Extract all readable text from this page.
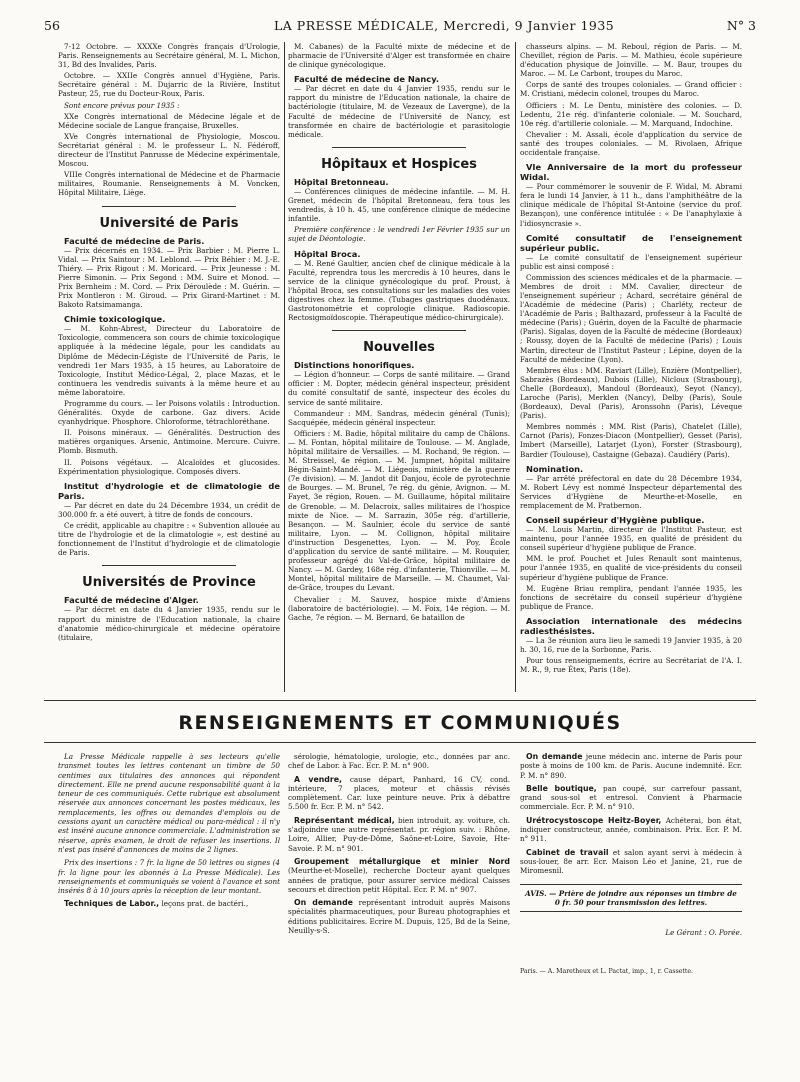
56	LA PRESSE MÉDICALE, Mercredi, 9 Janvier 1935	N° 3

7-12 Octobre. — XXXXe Congrès français d'Urologie, Paris. Renseignements au Secrétaire général, M. L. Michon, 31, Bd des Invalides, Paris.

Octobre. — XXIIe Congrès annuel d'Hygiène, Paris. Secrétaire général : M. Dujarric de la Rivière, Institut Pasteur, 25, rue du Docteur-Roux, Paris.

Sont encore prévus pour 1935 :

XXe Congrès international de Médecine légale et de Médecine sociale de Langue française, Bruxelles.

XVe Congrès international de Physiologie, Moscou. Secrétariat général : M. le professeur L. N. Fédéroff, directeur de l'Institut Panrusse de Médecine expérimentale, Moscou.

VIIIe Congrès international de Médecine et de Pharmacie militaires, Roumanie. Renseignements à M. Voncken, Hôpital Militaire, Liège.

Université de Paris
Faculté de médecine de Paris.

— Prix décernés en 1934. — Prix Barbier : M. Pierre L. Vidal. — Prix Saintour : M. Leblond. — Prix Béhier : M. J.-E. Thiéry. — Prix Rigout : M. Moricard. — Prix Jeunesse : M. Pierre Simonin. — Prix Segond : MM. Suire et Monod. — Prix Bernheim : M. Cord. — Prix Déroulède : M. Guérin. — Prix Montleron : M. Giroud. — Prix Girard-Martinet : M. Bakoto Ratsimamanga.

Chimie toxicologique.

— M. Kohn-Abrest, Directeur du Laboratoire de Toxicologie, commencera son cours de chimie toxicologique appliquée à la médecine légale, pour les candidats au Diplôme de Médecin-Légiste de l'Université de Paris, le vendredi 1er Mars 1935, à 15 heures, au Laboratoire de Toxicologie, Institut Médico-Légal, 2, place Mazas, et le continuera les vendredis suivants à la même heure et au même laboratoire.

Programme du cours. — Ier Poisons volatils : Introduction. Généralités. Oxyde de carbone. Gaz divers. Acide cyanhydrique. Phosphore. Chloroforme, tétrachloréthane.

II. Poisons minéraux. — Généralités. Destruction des matières organiques. Arsenic, Antimoine. Mercure. Cuivre. Plomb. Bismuth.

II. Poisons végétaux. — Alcaloïdes et glucosides. Expérimentation physiologique. Composés divers.

Institut d'hydrologie et de climatologie de Paris.

— Par décret en date du 24 Décembre 1934, un crédit de 300.000 fr. a été ouvert, à titre de fonds de concours.

Ce crédit, applicable au chapitre : « Subvention allouée au titre de l'hydrologie et de la climatologie », est destiné au fonctionnement de l'Institut d'hydrologie et de climatologie de Paris.

Universités de Province
Faculté de médecine d'Alger.

— Par décret en date du 4 Janvier 1935, rendu sur le rapport du ministre de l'Education nationale, la chaire d'anatomie médico-chirurgicale et médecine opératoire (titulaire,

M. Cabanes) de la Faculté mixte de médecine et de pharmacie de l'Université d'Alger est transformée en chaire de clinique gynécologique.

Faculté de médecine de Nancy.

— Par décret en date du 4 Janvier 1935, rendu sur le rapport du ministre de l'Education nationale, la chaire de bactériologie (titulaire, M. de Vezeaux de Lavergne), de la Faculté de médecine de l'Université de Nancy, est transformée en chaire de bactériologie et parasitologie médicale.

Hôpitaux et Hospices
Hôpital Bretonneau.

— Conférences cliniques de médecine infantile. — M. H. Grenet, médecin de l'hôpital Bretonneau, fera tous les vendredis, à 10 h. 45, une conférence clinique de médecine infantile.

Première conférence : le vendredi 1er Février 1935 sur un sujet de Déontologie.

Hôpital Broca.

— M. René Gaultier, ancien chef de clinique médicale à la Faculté, reprendra tous les mercredis à 10 heures, dans le service de la clinique gynécologique du prof. Proust, à l'hôpital Broca, ses consultations sur les maladies des voies digestives chez la femme. (Tubages gastriques duodénaux. Gastrotonométrie et coprologie clinique. Radioscopie. Rectosigmoïdoscopie. Thérapeutique médico-chirurgicale).

Nouvelles
Distinctions honorifiques.

— Légion d'honneur. — Corps de santé militaire. — Grand officier : M. Dopter, médecin général inspecteur, président du comité consultatif de santé, inspecteur des écoles du service de santé militaire.

Commandeur : MM. Sandras, médecin général (Tunis); Sacquépée, médecin général inspecteur.

Officiers : M. Badie, hôpital militaire du camp de Châlons. — M. Fontan, hôpital militaire de Toulouse. — M. Anglade, hôpital militaire de Versailles. — M. Rochand, 9e région. — M. Streissel, 4e région. — M. Jumpnet, hôpital militaire Bégin-Saint-Mandé. — M. Liégeois, ministère de la guerre (7e division). — M. Jandot dit Danjou, école de pyrotechnie de Bourges. — M. Brunel, 7e rég. du génie, Avignon. — M. Fayet, 3e région, Rouen. — M. Guillaume, hôpital militaire de Grenoble. — M. Delacroix, salles militaires de l'hospice mixte de Nice. — M. Sarrazin, 305e rég. d'artillerie, Besançon. — M. Saulnier, école du service de santé militaire, Lyon. — M. Collignon, hôpital militaire d'instruction Desgenettes, Lyon. — M. Poy, École d'application du service de santé militaire. — M. Rouquier, professeur agrégé du Val-de-Grâce, hôpital militaire de Nancy. — M. Gardey, 168e rég. d'infanterie, Thionville. — M. Montel, hôpital militaire de Marseille. — M. Chaumet, Val-de-Grâce, troupes du Levant.

Chevalier : M. Sauvez, hospice mixte d'Amiens (laboratoire de bactériologie). — M. Foix, 14e région. — M. Gache, 7e région. — M. Bernard, 6e bataillon de

chasseurs alpins. — M. Reboul, région de Paris. — M. Chevillet, région de Paris. — M. Mathieu, école supérieure d'éducation physique de Joinville. — M. Baur, troupes du Maroc. — M. Le Carbont, troupes du Maroc.

Corps de santé des troupes coloniales. — Grand officier : M. Cristiani, médecin colonel, troupes du Maroc.

Officiers : M. Le Dentu, ministère des colonies. — D. Ledentu, 21e rég. d'infanterie coloniale. — M. Souchard, 10e rég. d'artillerie coloniale. — M. Marquand, Indochine.

Chevalier : M. Assali, école d'application du service de santé des troupes coloniales. — M. Rivolaen, Afrique occidentale française.

VIe Anniversaire de la mort du professeur Widal.

— Pour commémorer le souvenir de F. Widal, M. Abrami fera le lundi 14 Janvier, à 11 h., dans l'amphithéâtre de la clinique médicale de l'hôpital St-Antoine (service du prof. Bezançon), une conférence intitulée : « De l'anaphylaxie à l'idiosyncrasie ».

Comité consultatif de l'enseignement supérieur public.

— Le comité consultatif de l'enseignement supérieur public est ainsi composé :

Commission des sciences médicales et de la pharmacie. — Membres de droit : MM. Cavalier, directeur de l'enseignement supérieur ; Achard, secrétaire général de l'Académie de médecine (Paris) ; Charléty, recteur de l'Académie de Paris ; Balthazard, professeur à la Faculté de médecine (Paris) ; Guérin, doyen de la Faculté de pharmacie (Paris). Sigalas, doyen de la Faculté de médecine (Bordeaux) ; Roussy, doyen de la Faculté de médecine (Paris) ; Louis Martin, directeur de l'Institut Pasteur ; Lépine, doyen de la Faculté de médecine (Lyon).

Membres élus : MM. Raviart (Lille), Enzière (Montpellier), Sabrazès (Bordeaux), Dubois (Lille), Nicloux (Strasbourg), Chelle (Bordeaux), Mandoul (Bordeaux), Seyot (Nancy), Laroche (Paris), Merklen (Nancy), Delby (Paris), Soule (Bordeaux), Deval (Paris), Aronssohn (Paris), Léveque (Paris).

Membres nommés : MM. Rist (Paris), Chatelet (Lille), Carnot (Paris), Fonzes-Diacon (Montpellier), Gesset (Paris), Imbert (Marseille), Latarjet (Lyon), Forster (Strasbourg), Bardier (Toulouse), Castaigne (Gebaza). Caudiéry (Paris).

Nomination.

— Par arrêté préfectoral en date du 28 Décembre 1934, M. Robert Lévy est nommé Inspecteur départemental des Services d'Hygiène de Meurthe-et-Moselle, en remplacement de M. Pratbernon.

Conseil supérieur d'Hygiène publique.

— M. Louis Martin, directeur de l'Institut Pasteur, est maintenu, pour l'année 1935, en qualité de président du conseil supérieur d'hygiène publique de France.

MM. le prof. Pouchet et Jules Renault sont maintenus, pour l'année 1935, en qualité de vice-présidents du conseil supérieur d'hygiène publique de France.

M. Eugène Briau remplira, pendant l'année 1935, les fonctions de secrétaire du conseil supérieur d'hygiène publique de France.

Association internationale des médecins radiesthésistes.

— La 3e réunion aura lieu le samedi 19 Janvier 1935, à 20 h. 30, 16, rue de la Sorbonne, Paris.

Pour tous renseignements, écrire au Secrétariat de l'A. I. M. R., 9, rue Étex, Paris (18e).

RENSEIGNEMENTS ET COMMUNIQUÉS

La Presse Médicale rappelle à ses lecteurs qu'elle transmet toutes les lettres contenant un timbre de 50 centimes aux titulaires des annonces qui répondent directement. Elle ne prend aucune responsabilité quant à la teneur de ces communiqués. Cette rubrique est absolument réservée aux annonces concernant les postes médicaux, les remplacements, les offres ou demandes d'emplois ou de cessions ayant un caractère médical ou para-médical : il n'y est inséré aucune annonce commerciale. L'administration se réserve, après examen, le droit de refuser les insertions. Il n'est pas inséré d'annonces de moins de 2 lignes.

Prix des insertions : 7 fr. la ligne de 50 lettres ou signes (4 fr. la ligne pour les abonnés à La Presse Médicale). Les renseignements et communiqués se voient à l'avance et sont insérés 8 à 10 jours après la réception de leur montant.

Techniques de Labor., leçons prat. de bactéri.,

sérologie, hématologie, urologie, etc., données par anc. chef de Labor. à Fac. Ecr. P. M. n° 900.

A vendre, cause départ, Panhard, 16 CV, cond. intérieure, 7 places, moteur et châssis révisés complètement. Car. luxe peinture neuve. Prix à débattre 5.500 fr. Ecr. P. M. n° 542.

Représentant médical, bien introduit, ay. voiture, ch. s'adjoindre une autre représentat. pr. région suiv. : Rhône, Loire, Allier, Puy-de-Dôme, Saône-et-Loire, Savoie, Hte-Savoie. P. M. n° 901.

Groupement métallurgique et minier Nord (Meurthe-et-Moselle), recherche Docteur ayant quelques années de pratique, pour assurer service médical Caisses secours et direction petit Hôpital. Ecr. P. M. n° 907.

On demande représentant introduit auprès Maisons spécialités pharmaceutiques, pour Bureau photographies et éditions publicitaires. Ecrire M. Dupuis, 125, Bd de la Seine, Neuilly-s-S.

On demande jeune médecin anc. interne de Paris pour poste à moins de 100 km. de Paris. Aucune indemnité. Ecr. P. M. n° 890.

Belle boutique, pan coupé, sur carrefour passant, grand sous-sol et entresol. Convient à Pharmacie commerciale. Ecr. P. M. n° 910.

Urétrocystoscope Heitz-Boyer, Achéterai, bon état, indiquer constructeur, année, combinaison. Prix. Ecr. P. M. n° 911.

Cabinet de travail et salon ayant servi à médecin à sous-louer, 8e arr. Ecr. Maison Léo et Janine, 21, rue de Miromesnil.

AVIS. — Prière de joindre aux réponses un timbre de 0 fr. 50 pour transmission des lettres.

Le Gérant : O. Porée.

Paris. — A. Maretheux et L. Pactat, imp., 1, r. Cassette.
